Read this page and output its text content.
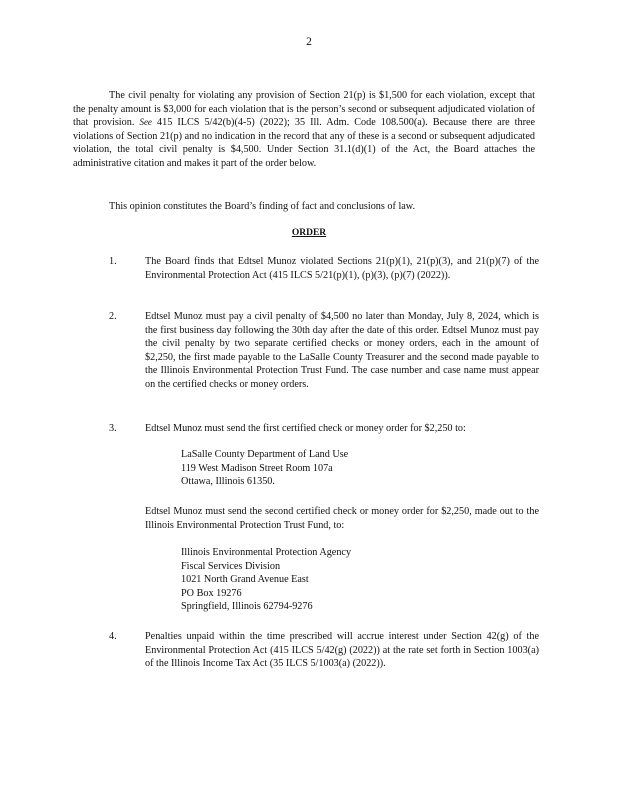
2

The civil penalty for violating any provision of Section 21(p) is $1,500 for each violation, except that the penalty amount is $3,000 for each violation that is the person’s second or subsequent adjudicated violation of that provision. See 415 ILCS 5/42(b)(4-5) (2022); 35 Ill. Adm. Code 108.500(a). Because there are three violations of Section 21(p) and no indication in the record that any of these is a second or subsequent adjudicated violation, the total civil penalty is $4,500. Under Section 31.1(d)(1) of the Act, the Board attaches the administrative citation and makes it part of the order below.

This opinion constitutes the Board’s finding of fact and conclusions of law.

ORDER
1.	The Board finds that Edtsel Munoz violated Sections 21(p)(1), 21(p)(3), and 21(p)(7) of the Environmental Protection Act (415 ILCS 5/21(p)(1), (p)(3), (p)(7) (2022)).

2.	Edtsel Munoz must pay a civil penalty of $4,500 no later than Monday, July 8, 2024, which is the first business day following the 30th day after the date of this order. Edtsel Munoz must pay the civil penalty by two separate certified checks or money orders, each in the amount of $2,250, the first made payable to the LaSalle County Treasurer and the second made payable to the Illinois Environmental Protection Trust Fund. The case number and case name must appear on the certified checks or money orders.

3.	Edtsel Munoz must send the first certified check or money order for $2,250 to:

LaSalle County Department of Land Use
119 West Madison Street Room 107a
Ottawa, Illinois 61350.

Edtsel Munoz must send the second certified check or money order for $2,250, made out to the Illinois Environmental Protection Trust Fund, to:

Illinois Environmental Protection Agency
Fiscal Services Division
1021 North Grand Avenue East
PO Box 19276
Springfield, Illinois 62794-9276
4.	Penalties unpaid within the time prescribed will accrue interest under Section 42(g) of the Environmental Protection Act (415 ILCS 5/42(g) (2022)) at the rate set forth in Section 1003(a) of the Illinois Income Tax Act (35 ILCS 5/1003(a) (2022)).
